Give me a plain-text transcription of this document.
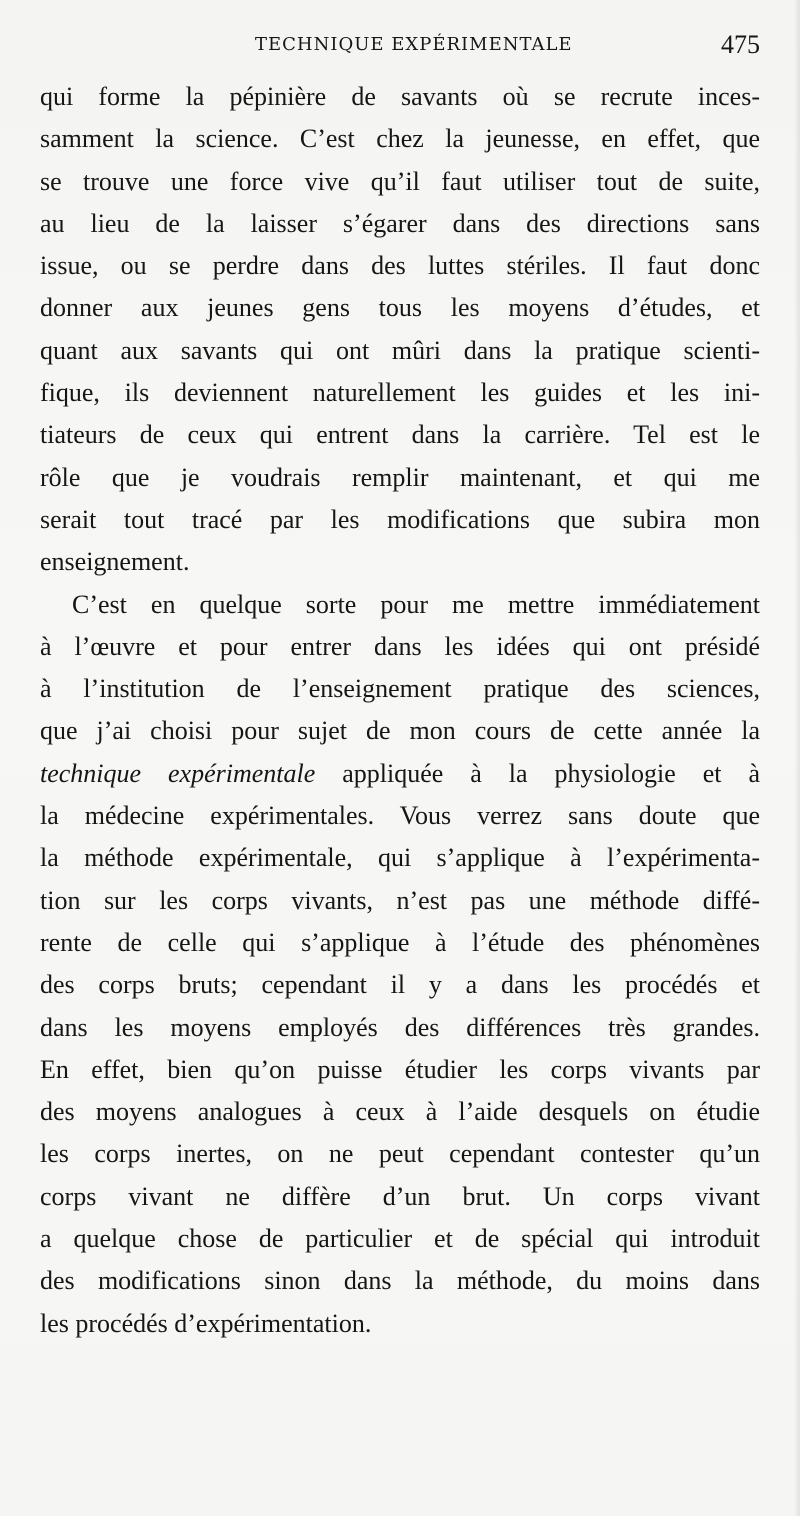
TECHNIQUE EXPÉRIMENTALE	475
qui forme la pépinière de savants où se recrute inces-
samment la science. C’est chez la jeunesse, en effet, que
se trouve une force vive qu’il faut utiliser tout de suite,
au lieu de la laisser s’égarer dans des directions sans
issue, ou se perdre dans des luttes stériles. Il faut donc
donner aux jeunes gens tous les moyens d’études, et
quant aux savants qui ont mûri dans la pratique scienti-
fique, ils deviennent naturellement les guides et les ini-
tiateurs de ceux qui entrent dans la carrière. Tel est le
rôle que je voudrais remplir maintenant, et qui me
serait tout tracé par les modifications que subira mon
enseignement.
C’est en quelque sorte pour me mettre immédiatement
à l’œuvre et pour entrer dans les idées qui ont présidé
à l’institution de l’enseignement pratique des sciences,
que j’ai choisi pour sujet de mon cours de cette année la
technique expérimentale appliquée à la physiologie et à
la médecine expérimentales. Vous verrez sans doute que
la méthode expérimentale, qui s’applique à l’expérimenta-
tion sur les corps vivants, n’est pas une méthode diffé-
rente de celle qui s’applique à l’étude des phénomènes
des corps bruts; cependant il y a dans les procédés et
dans les moyens employés des différences très grandes.
En effet, bien qu’on puisse étudier les corps vivants par
des moyens analogues à ceux à l’aide desquels on étudie
les corps inertes, on ne peut cependant contester qu’un
corps vivant ne diffère d’un brut. Un corps vivant
a quelque chose de particulier et de spécial qui introduit
des modifications sinon dans la méthode, du moins dans
les procédés d’expérimentation.
